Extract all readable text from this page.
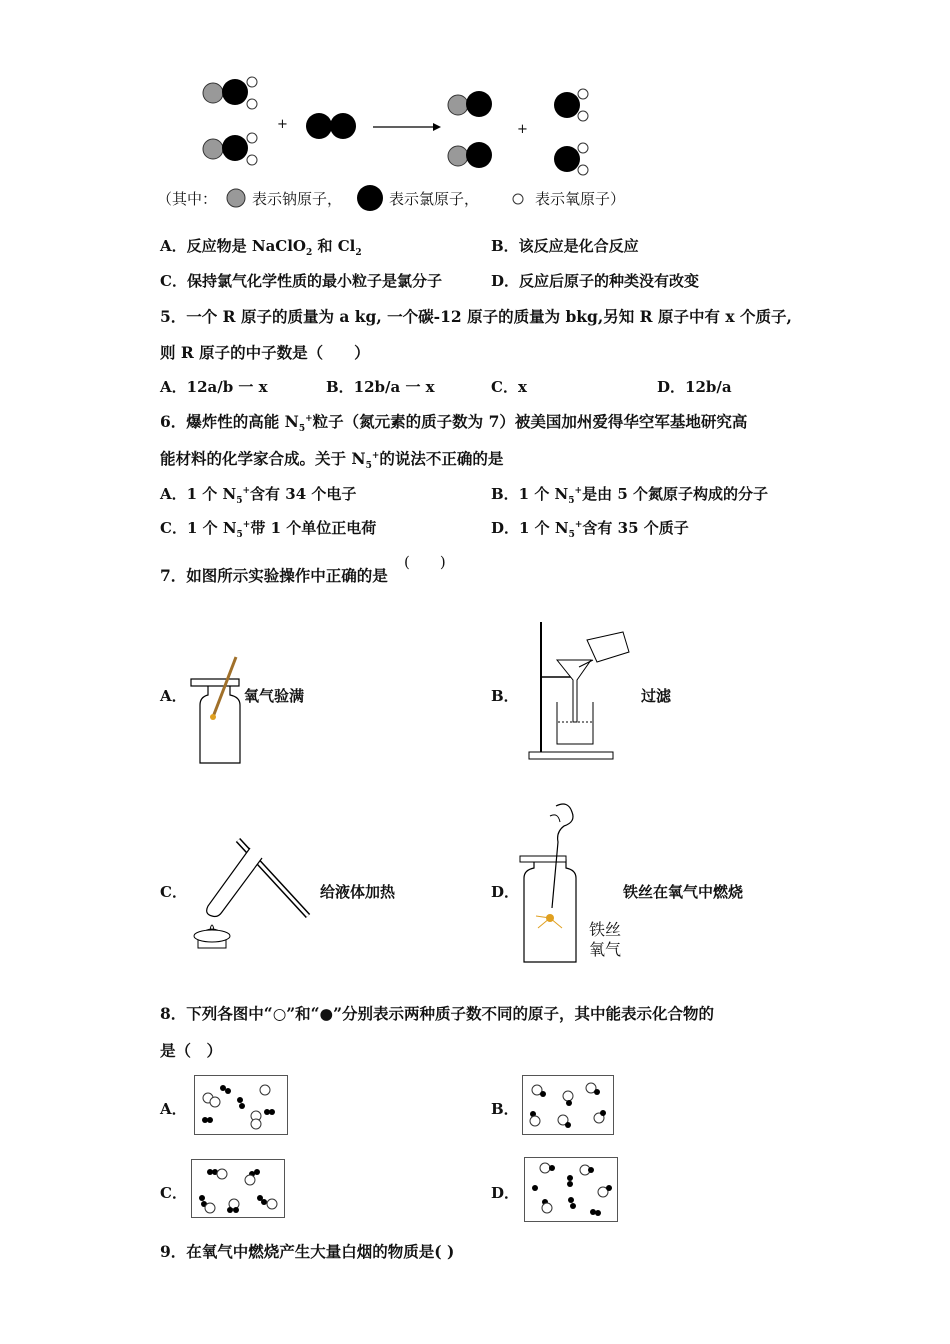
+	+
（其中： 表示钠原子，	表示氯原子，	表示氧原子）
A．反应物是 NaClO$_2$ 和 $Cl_2$	B．该反应是化合反应
C．保持氯气化学性质的最小粒子是氯分子	D．反应后原子的种类没有改变
5．一个 R 原子的质量为 a kg, 一个碳-12 原子的质量为 bkg,另知 R 原子中有 x 个质子,
则 R 原子的中子数是（　　）
A．12a/b 一 x	B．12b/a 一 x	C．x	D．12b/a
6．爆炸性的高能 $N_5^+$粒子（氮元素的质子数为 7）被美国加州爱得华空军基地研究高
能材料的化学家合成。关于 $N_5^+$的说法不正确的是
A．1 个 $N_5^+$含有 34 个电子	B．1 个 $N_5^+$是由 5 个氮原子构成的分子
C．1 个 $N_5^+$带 1 个单位正电荷	D．1 个 $N_5^+$含有 35 个质子
7．如图所示实验操作中正确的是
(　　)
A．	氧气验满	B．	过滤
C．	给液体加热	D．
铁丝
氧气
铁丝在氧气中燃烧
8．下列各图中“○”和“●”分别表示两种质子数不同的原子，其中能表示化合物的
是（　）
A．	B．
C．	D．
9．在氧气中燃烧产生大量白烟的物质是( )
